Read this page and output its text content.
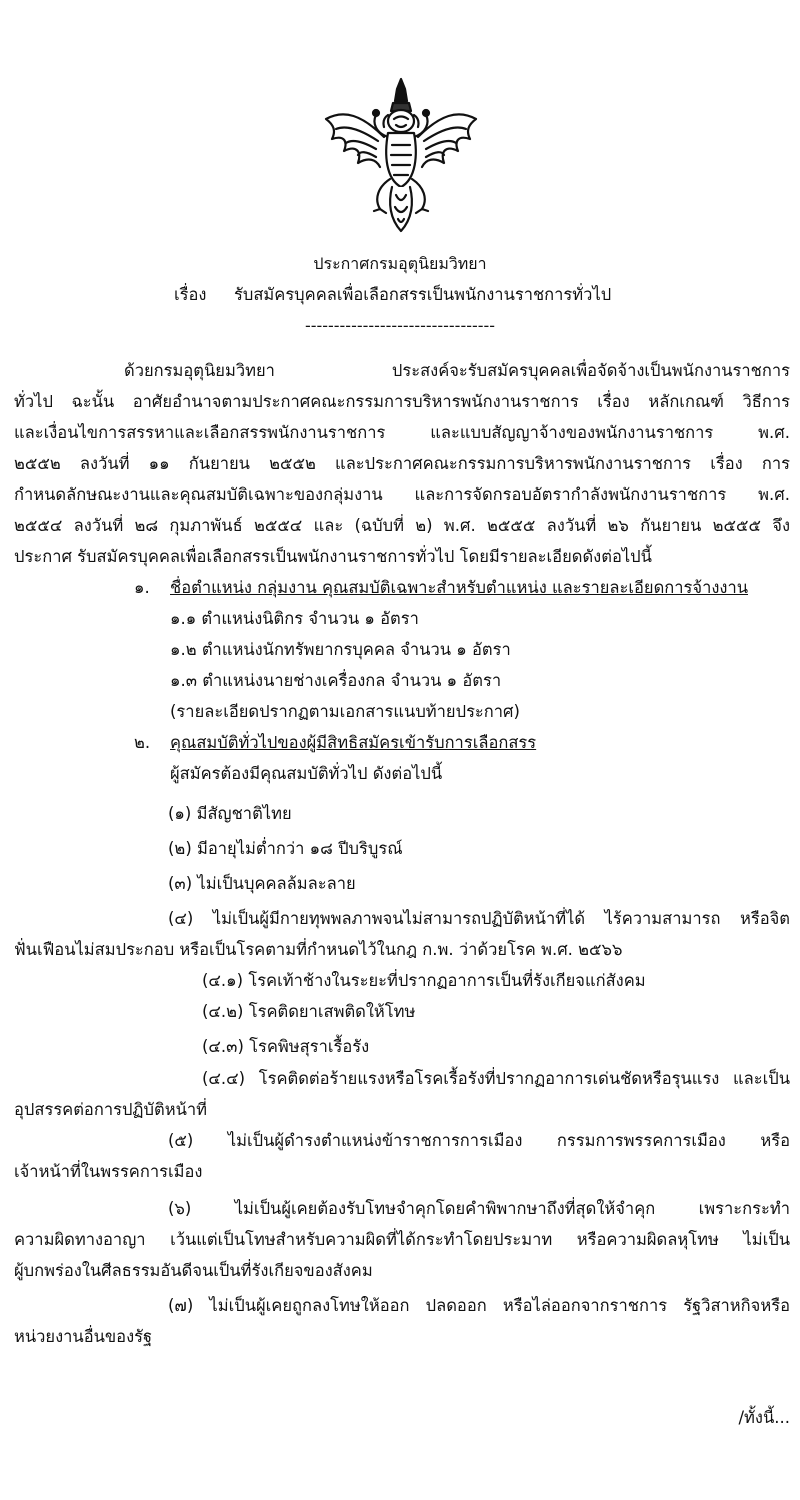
ประกาศกรมอุตุนิยมวิทยา
เรื่อง รับสมัครบุคคลเพื่อเลือกสรรเป็นพนักงานราชการทั่วไป
---------------------------------
ด้วยกรมอุตุนิยมวิทยา ประสงค์จะรับสมัครบุคคลเพื่อจัดจ้างเป็นพนักงานราชการ
ทั่วไป ฉะนั้น อาศัยอำนาจตามประกาศคณะกรรมการบริหารพนักงานราชการ เรื่อง หลักเกณฑ์ วิธีการ
และเงื่อนไขการสรรหาและเลือกสรรพนักงานราชการ และแบบสัญญาจ้างของพนักงานราชการ พ.ศ.
๒๕๕๒ ลงวันที่ ๑๑ กันยายน ๒๕๕๒ และประกาศคณะกรรมการบริหารพนักงานราชการ เรื่อง การ
กำหนดลักษณะงานและคุณสมบัติเฉพาะของกลุ่มงาน และการจัดกรอบอัตรากำลังพนักงานราชการ พ.ศ.
๒๕๕๔ ลงวันที่ ๒๘ กุมภาพันธ์ ๒๕๕๔ และ (ฉบับที่ ๒) พ.ศ. ๒๕๕๕ ลงวันที่ ๒๖ กันยายน ๒๕๕๕ จึง
ประกาศ รับสมัครบุคคลเพื่อเลือกสรรเป็นพนักงานราชการทั่วไป โดยมีรายละเอียดดังต่อไปนี้
๑. ชื่อตำแหน่ง กลุ่มงาน คุณสมบัติเฉพาะสำหรับตำแหน่ง และรายละเอียดการจ้างงาน
๑.๑ ตำแหน่งนิติกร จำนวน ๑ อัตรา
๑.๒ ตำแหน่งนักทรัพยากรบุคคล จำนวน ๑ อัตรา
๑.๓ ตำแหน่งนายช่างเครื่องกล จำนวน ๑ อัตรา
(รายละเอียดปรากฏตามเอกสารแนบท้ายประกาศ)
๒. คุณสมบัติทั่วไปของผู้มีสิทธิสมัครเข้ารับการเลือกสรร
ผู้สมัครต้องมีคุณสมบัติทั่วไป ดังต่อไปนี้
(๑) มีสัญชาติไทย
(๒) มีอายุไม่ต่ำกว่า ๑๘ ปีบริบูรณ์
(๓) ไม่เป็นบุคคลล้มละลาย
(๔) ไม่เป็นผู้มีกายทุพพลภาพจนไม่สามารถปฏิบัติหน้าที่ได้ ไร้ความสามารถ หรือจิต
ฟั่นเฟือนไม่สมประกอบ หรือเป็นโรคตามที่กำหนดไว้ในกฎ ก.พ. ว่าด้วยโรค พ.ศ. ๒๕๖๖
(๔.๑) โรคเท้าช้างในระยะที่ปรากฏอาการเป็นที่รังเกียจแก่สังคม
(๔.๒) โรคติดยาเสพติดให้โทษ
(๔.๓) โรคพิษสุราเรื้อรัง
(๔.๔) โรคติดต่อร้ายแรงหรือโรคเรื้อรังที่ปรากฏอาการเด่นชัดหรือรุนแรง และเป็น
อุปสรรคต่อการปฏิบัติหน้าที่
(๕) ไม่เป็นผู้ดำรงตำแหน่งข้าราชการการเมือง กรรมการพรรคการเมือง หรือ
เจ้าหน้าที่ในพรรคการเมือง
(๖) ไม่เป็นผู้เคยต้องรับโทษจำคุกโดยคำพิพากษาถึงที่สุดให้จำคุก เพราะกระทำ
ความผิดทางอาญา เว้นแต่เป็นโทษสำหรับความผิดที่ได้กระทำโดยประมาท หรือความผิดลหุโทษ ไม่เป็น
ผู้บกพร่องในศีลธรรมอันดีจนเป็นที่รังเกียจของสังคม
(๗) ไม่เป็นผู้เคยถูกลงโทษให้ออก ปลดออก หรือไล่ออกจากราชการ รัฐวิสาหกิจหรือ
หน่วยงานอื่นของรัฐ
/ทั้งนี้...
